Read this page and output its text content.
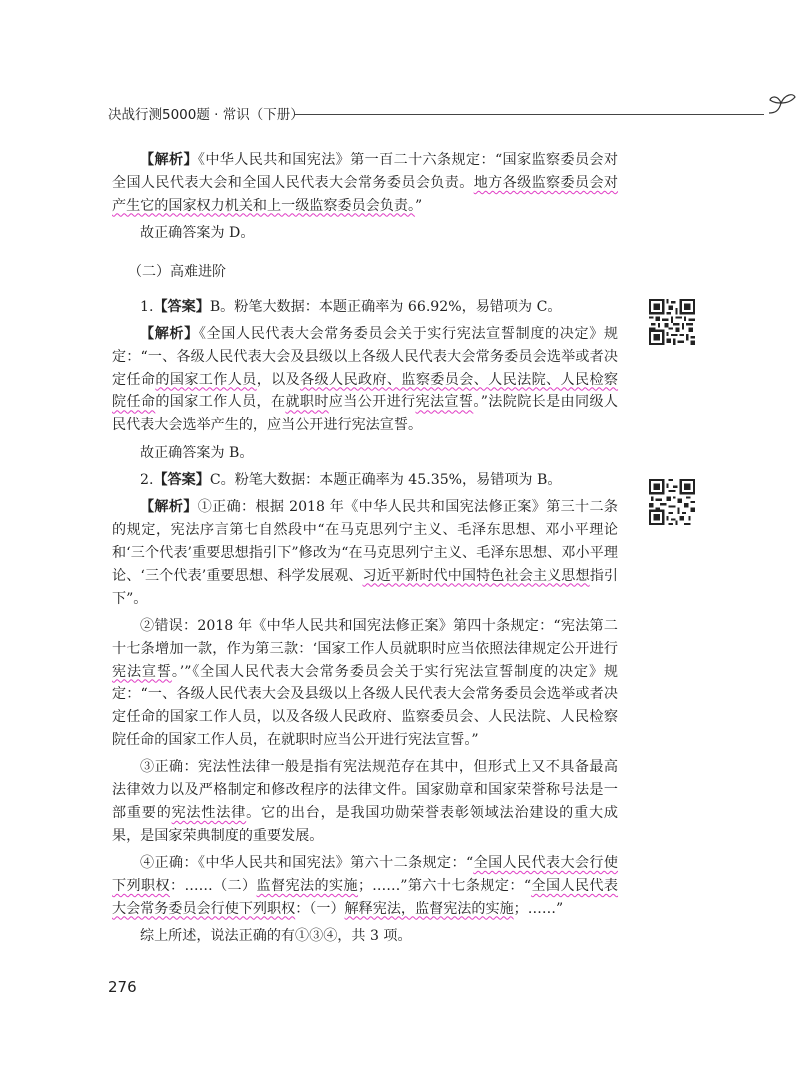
决战行测5000题 · 常识（下册）

【解析】《中华人民共和国宪法》第一百二十六条规定：“国家监察委员会对全国人民代表大会和全国人民代表大会常务委员会负责。地方各级监察委员会对产生它的国家权力机关和上一级监察委员会负责。”

故正确答案为 D。

（二）高难进阶

1.【答案】B。粉笔大数据：本题正确率为 66.92%，易错项为 C。

【解析】《全国人民代表大会常务委员会关于实行宪法宣誓制度的决定》规定：“一、各级人民代表大会及县级以上各级人民代表大会常务委员会选举或者决定任命的国家工作人员，以及各级人民政府、监察委员会、人民法院、人民检察院任命的国家工作人员，在就职时应当公开进行宪法宣誓。”法院院长是由同级人民代表大会选举产生的，应当公开进行宪法宣誓。

故正确答案为 B。

2.【答案】C。粉笔大数据：本题正确率为 45.35%，易错项为 B。

【解析】①正确：根据 2018 年《中华人民共和国宪法修正案》第三十二条的规定，宪法序言第七自然段中“在马克思列宁主义、毛泽东思想、邓小平理论和‘三个代表’重要思想指引下”修改为“在马克思列宁主义、毛泽东思想、邓小平理论、‘三个代表’重要思想、科学发展观、习近平新时代中国特色社会主义思想指引下”。

②错误：2018 年《中华人民共和国宪法修正案》第四十条规定：“宪法第二十七条增加一款，作为第三款：‘国家工作人员就职时应当依照法律规定公开进行宪法宣誓。’”《全国人民代表大会常务委员会关于实行宪法宣誓制度的决定》规定：“一、各级人民代表大会及县级以上各级人民代表大会常务委员会选举或者决定任命的国家工作人员，以及各级人民政府、监察委员会、人民法院、人民检察院任命的国家工作人员，在就职时应当公开进行宪法宣誓。”

③正确：宪法性法律一般是指有宪法规范存在其中，但形式上又不具备最高法律效力以及严格制定和修改程序的法律文件。国家勋章和国家荣誉称号法是一部重要的宪法性法律。它的出台，是我国功勋荣誉表彰领域法治建设的重大成果，是国家荣典制度的重要发展。

④正确：《中华人民共和国宪法》第六十二条规定：“全国人民代表大会行使下列职权：……（二）监督宪法的实施；……”第六十七条规定：“全国人民代表大会常务委员会行使下列职权：（一）解释宪法，监督宪法的实施；……”

综上所述，说法正确的有①③④，共 3 项。

276
